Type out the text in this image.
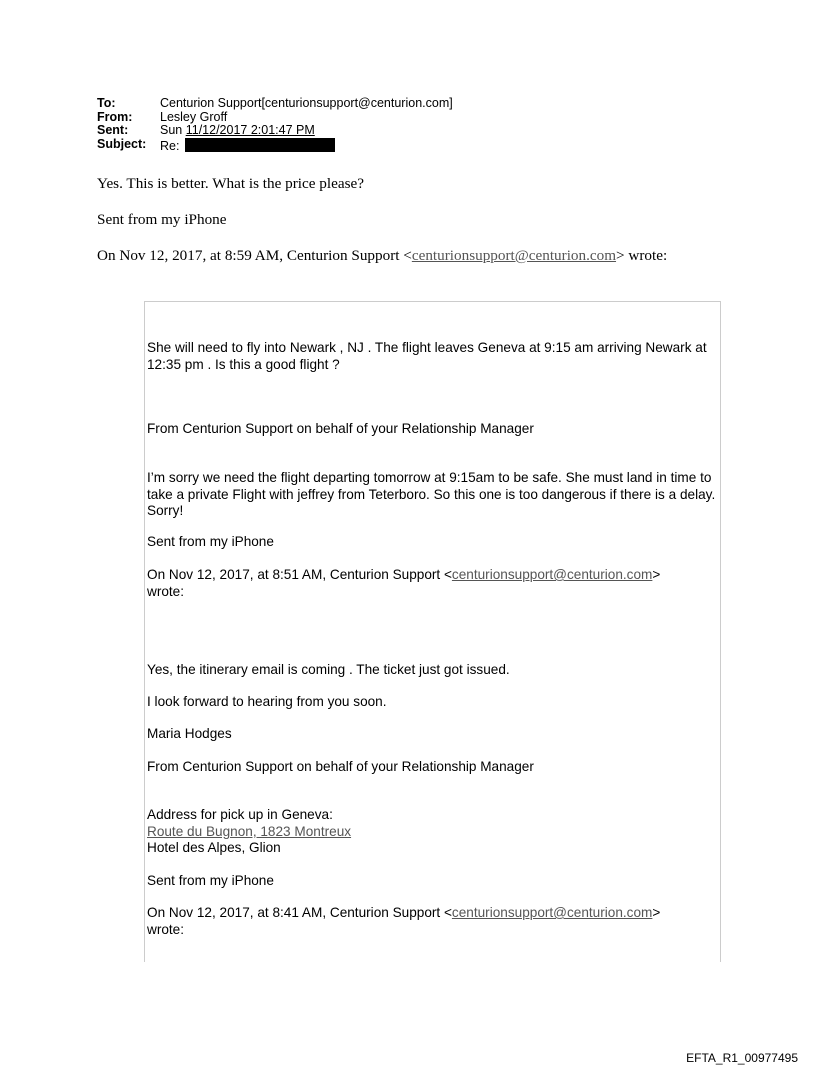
To:	Centurion Support[centurionsupport@centurion.com]
From:	Lesley Groff
Sent:	Sun 11/12/2017 2:01:47 PM
Subject:	Re:
Yes. This is better. What is the price please?
Sent from my iPhone
On Nov 12, 2017, at 8:59 AM, Centurion Support <centurionsupport@centurion.com> wrote:
She will need to fly into Newark , NJ . The flight leaves Geneva at 9:15 am arriving Newark at 12:35 pm . Is this a good flight ?
From Centurion Support on behalf of your Relationship Manager
I’m sorry we need the flight departing tomorrow at 9:15am to be safe. She must land in time to take a private Flight with jeffrey from Teterboro. So this one is too dangerous if there is a delay. Sorry!
Sent from my iPhone
On Nov 12, 2017, at 8:51 AM, Centurion Support <centurionsupport@centurion.com> wrote:
Yes, the itinerary email is coming . The ticket just got issued.
I look forward to hearing from you soon.
Maria Hodges
From Centurion Support on behalf of your Relationship Manager
Address for pick up in Geneva:
Route du Bugnon, 1823 Montreux
Hotel des Alpes, Glion
Sent from my iPhone
On Nov 12, 2017, at 8:41 AM, Centurion Support <centurionsupport@centurion.com> wrote:
EFTA_R1_00977495
